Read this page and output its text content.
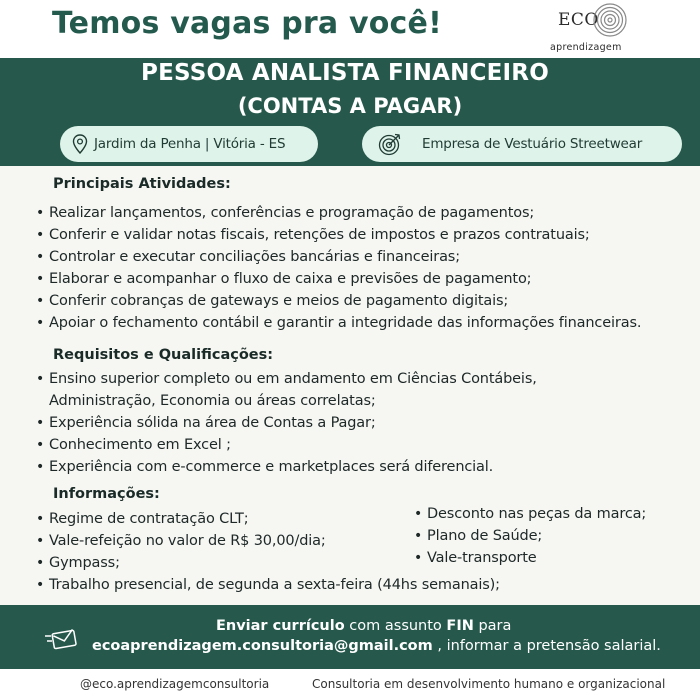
Temos vagas pra você!	ECO
aprendizagem
PESSOA ANALISTA FINANCEIRO
(CONTAS A PAGAR)
Jardim da Penha | Vitória - ES	Empresa de Vestuário Streetwear
Principais Atividades:
• Realizar lançamentos, conferências e programação de pagamentos;
• Conferir e validar notas fiscais, retenções de impostos e prazos contratuais;
• Controlar e executar conciliações bancárias e financeiras;
• Elaborar e acompanhar o fluxo de caixa e previsões de pagamento;
• Conferir cobranças de gateways e meios de pagamento digitais;
• Apoiar o fechamento contábil e garantir a integridade das informações financeiras.
Requisitos e Qualificações:
• Ensino superior completo ou em andamento em Ciências Contábeis,
Administração, Economia ou áreas correlatas;
• Experiência sólida na área de Contas a Pagar;
• Conhecimento em Excel ;
• Experiência com e-commerce e marketplaces será diferencial.
Informações:
• Regime de contratação CLT;
• Vale-refeição no valor de R$ 30,00/dia;
• Gympass;
• Trabalho presencial, de segunda a sexta-feira (44hs semanais);
• Desconto nas peças da marca;
• Plano de Saúde;
• Vale-transporte
Enviar currículo com assunto FIN para
ecoaprendizagem.consultoria@gmail.com , informar a pretensão salarial.
@eco.aprendizagemconsultoria	Consultoria em desenvolvimento humano e organizacional
